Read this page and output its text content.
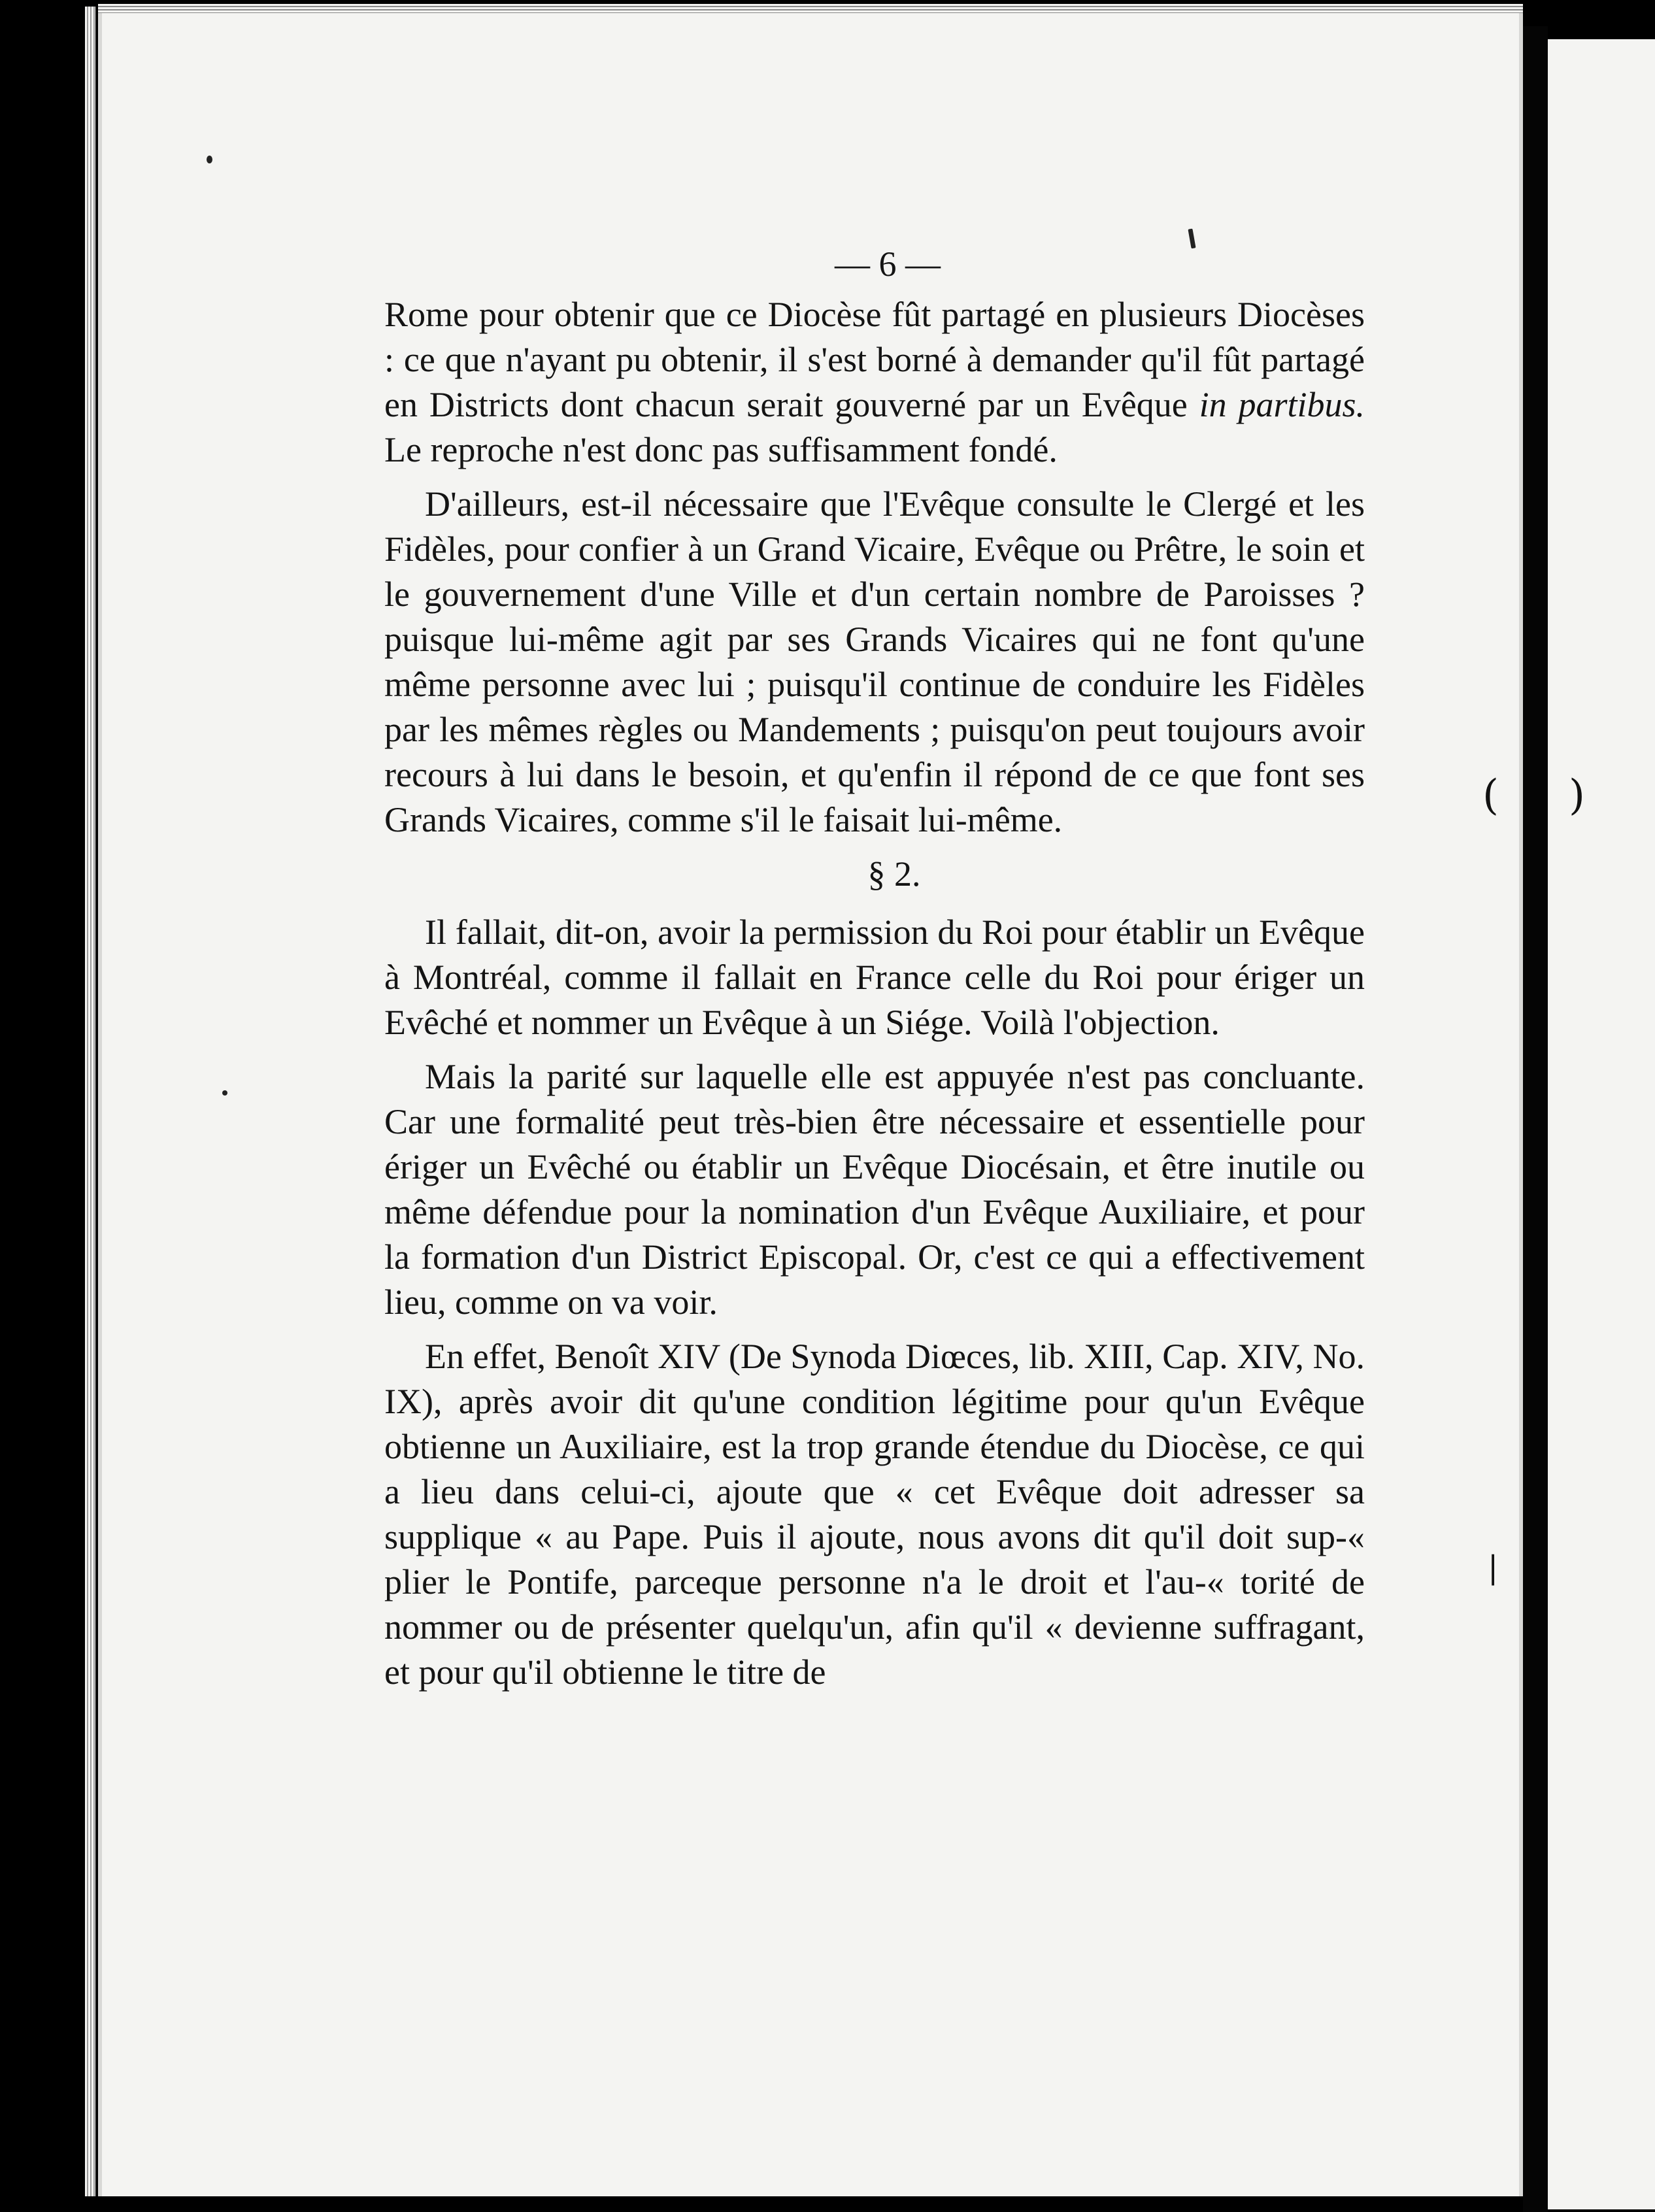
( )
|
— 6 —

Rome pour obtenir que ce Diocèse fût partagé en plusieurs Diocèses : ce que n'ayant pu obtenir, il s'est borné à demander qu'il fût partagé en Districts dont chacun serait gouverné par un Evêque in partibus. Le reproche n'est donc pas suffisamment fondé.

D'ailleurs, est-il nécessaire que l'Evêque consulte le Clergé et les Fidèles, pour confier à un Grand Vicaire, Evêque ou Prêtre, le soin et le gouvernement d'une Ville et d'un certain nombre de Paroisses ? puisque lui-même agit par ses Grands Vicaires qui ne font qu'une même personne avec lui ; puisqu'il continue de conduire les Fidèles par les mêmes règles ou Mandements ; puisqu'on peut toujours avoir recours à lui dans le besoin, et qu'enfin il répond de ce que font ses Grands Vicaires, comme s'il le faisait lui-même.

§ 2.

Il fallait, dit-on, avoir la permission du Roi pour établir un Evêque à Montréal, comme il fallait en France celle du Roi pour ériger un Evêché et nommer un Evêque à un Siége. Voilà l'objection.

Mais la parité sur laquelle elle est appuyée n'est pas concluante. Car une formalité peut très-bien être nécessaire et essentielle pour ériger un Evêché ou établir un Evêque Diocésain, et être inutile ou même défendue pour la nomination d'un Evêque Auxiliaire, et pour la formation d'un District Episcopal. Or, c'est ce qui a effectivement lieu, comme on va voir.

En effet, Benoît XIV (De Synoda Diœces, lib. XIII, Cap. XIV, No. IX), après avoir dit qu'une condition légitime pour qu'un Evêque obtienne un Auxiliaire, est la trop grande étendue du Diocèse, ce qui a lieu dans celui-ci, ajoute que « cet Evêque doit adresser sa supplique « au Pape. Puis il ajoute, nous avons dit qu'il doit sup-« plier le Pontife, parceque personne n'a le droit et l'au-« torité de nommer ou de présenter quelqu'un, afin qu'il « devienne suffragant, et pour qu'il obtienne le titre de
